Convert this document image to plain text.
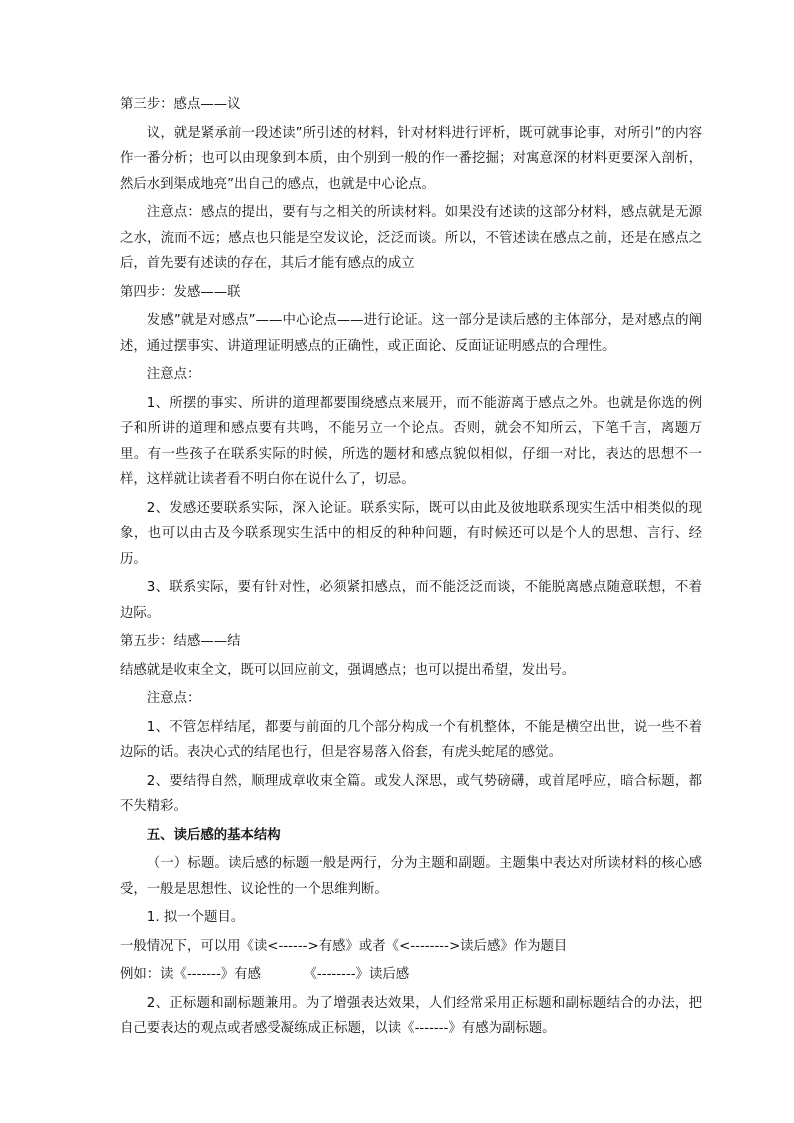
第三步：感点——议

议，就是紧承前一段述读”所引述的材料，针对材料进行评析，既可就事论事，对所引”的内容作一番分析；也可以由现象到本质，由个别到一般的作一番挖掘；对寓意深的材料更要深入剖析，然后水到渠成地亮”出自己的感点，也就是中心论点。

注意点：感点的提出，要有与之相关的所读材料。如果没有述读的这部分材料，感点就是无源之水，流而不远；感点也只能是空发议论，泛泛而谈。所以，不管述读在感点之前，还是在感点之后，首先要有述读的存在，其后才能有感点的成立

第四步：发感——联

发感”就是对感点”——中心论点——进行论证。这一部分是读后感的主体部分，是对感点的阐述，通过摆事实、讲道理证明感点的正确性，或正面论、反面证证明感点的合理性。

注意点：

1、所摆的事实、所讲的道理都要围绕感点来展开，而不能游离于感点之外。也就是你选的例子和所讲的道理和感点要有共鸣，不能另立一个论点。否则，就会不知所云，下笔千言，离题万里。有一些孩子在联系实际的时候，所选的题材和感点貌似相似，仔细一对比，表达的思想不一样，这样就让读者看不明白你在说什么了，切忌。

2、发感还要联系实际，深入论证。联系实际，既可以由此及彼地联系现实生活中相类似的现象，也可以由古及今联系现实生活中的相反的种种问题，有时候还可以是个人的思想、言行、经历。

3、联系实际，要有针对性，必须紧扣感点，而不能泛泛而谈，不能脱离感点随意联想，不着边际。

第五步：结感——结

结感就是收束全文，既可以回应前文，强调感点；也可以提出希望，发出号。

注意点：

1、不管怎样结尾，都要与前面的几个部分构成一个有机整体，不能是横空出世，说一些不着边际的话。表决心式的结尾也行，但是容易落入俗套，有虎头蛇尾的感觉。

2、要结得自然，顺理成章收束全篇。或发人深思，或气势磅礴，或首尾呼应，暗合标题，都不失精彩。

五、读后感的基本结构

（一）标题。读后感的标题一般是两行，分为主题和副题。主题集中表达对所读材料的核心感受，一般是思想性、议论性的一个思维判断。

1. 拟一个题目。

一般情况下，可以用《读<------>有感》或者《<-------->读后感》作为题目

例如：读《-------》有感          《--------》读后感

2、正标题和副标题兼用。为了增强表达效果，人们经常采用正标题和副标题结合的办法，把自己要表达的观点或者感受凝练成正标题，以读《-------》有感为副标题。
